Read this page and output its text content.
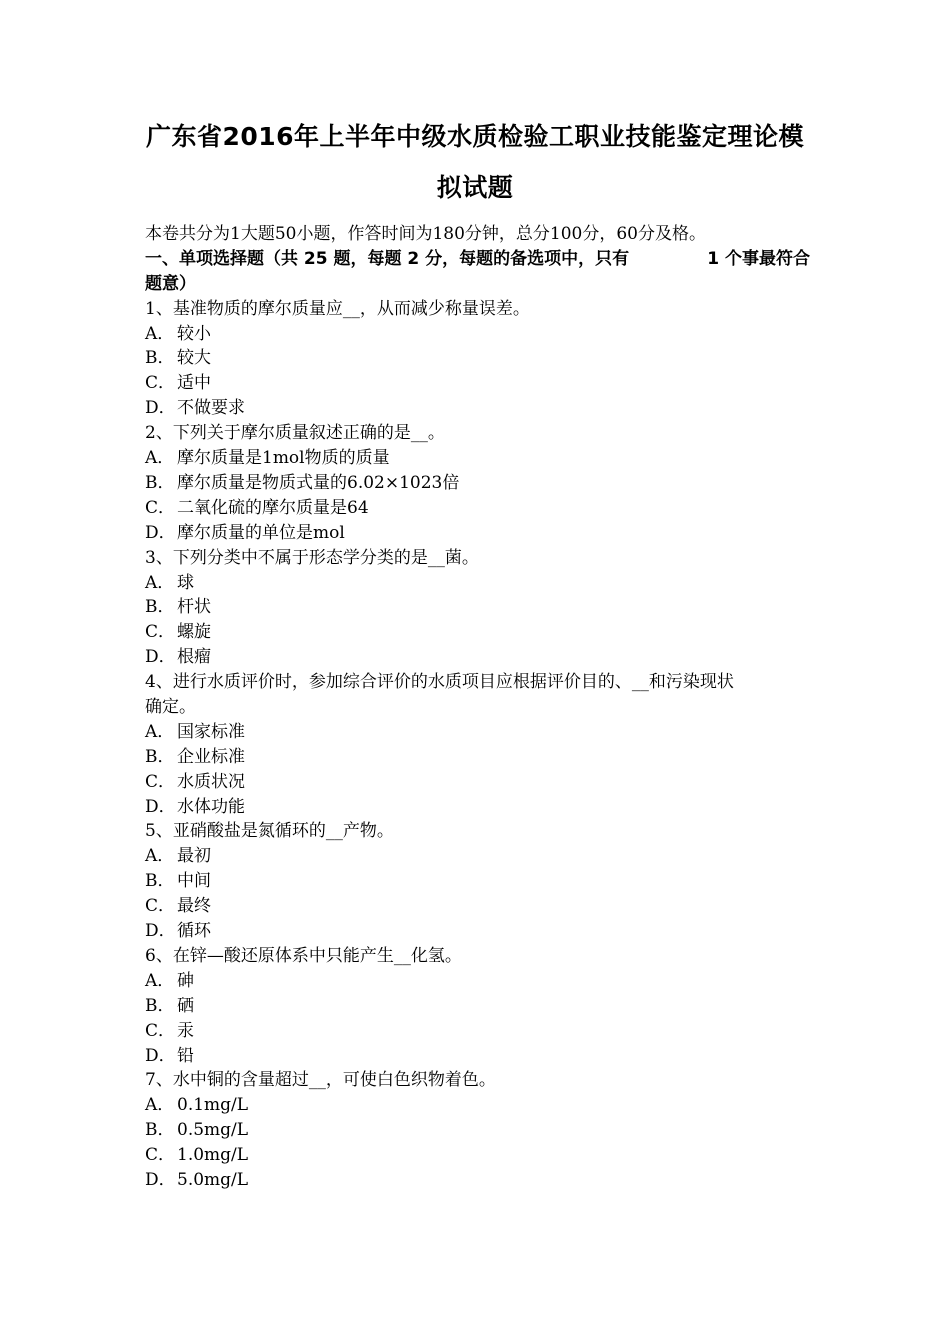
广东省2016年上半年中级水质检验工职业技能鉴定理论模
拟试题

本卷共分为1大题50小题，作答时间为180分钟，总分100分，60分及格。

一、单项选择题（共 25 题，每题 2 分，每题的备选项中，只有	1 个事最符合
题意）
1、基准物质的摩尔质量应__，从而减少称量误差。
A． 较小
B． 较大
C． 适中
D．不做要求
2、下列关于摩尔质量叙述正确的是__。
A． 摩尔质量是1mol物质的质量
B． 摩尔质量是物质式量的6.02×1023倍
C． 二氧化硫的摩尔质量是64
D．摩尔质量的单位是mol
3、下列分类中不属于形态学分类的是__菌。
A． 球
B． 杆状
C． 螺旋
D．根瘤
4、进行水质评价时，参加综合评价的水质项目应根据评价目的、__和污染现状
确定。
A． 国家标准
B． 企业标准
C． 水质状况
D．水体功能
5、亚硝酸盐是氮循环的__产物。
A． 最初
B． 中间
C． 最终
D．循环
6、在锌—酸还原体系中只能产生__化氢。
A． 砷
B． 硒
C． 汞
D．铅
7、水中铜的含量超过__，可使白色织物着色。
A． 0.1mg/L
B． 0.5mg/L
C． 1.0mg/L
D．5.0mg/L
